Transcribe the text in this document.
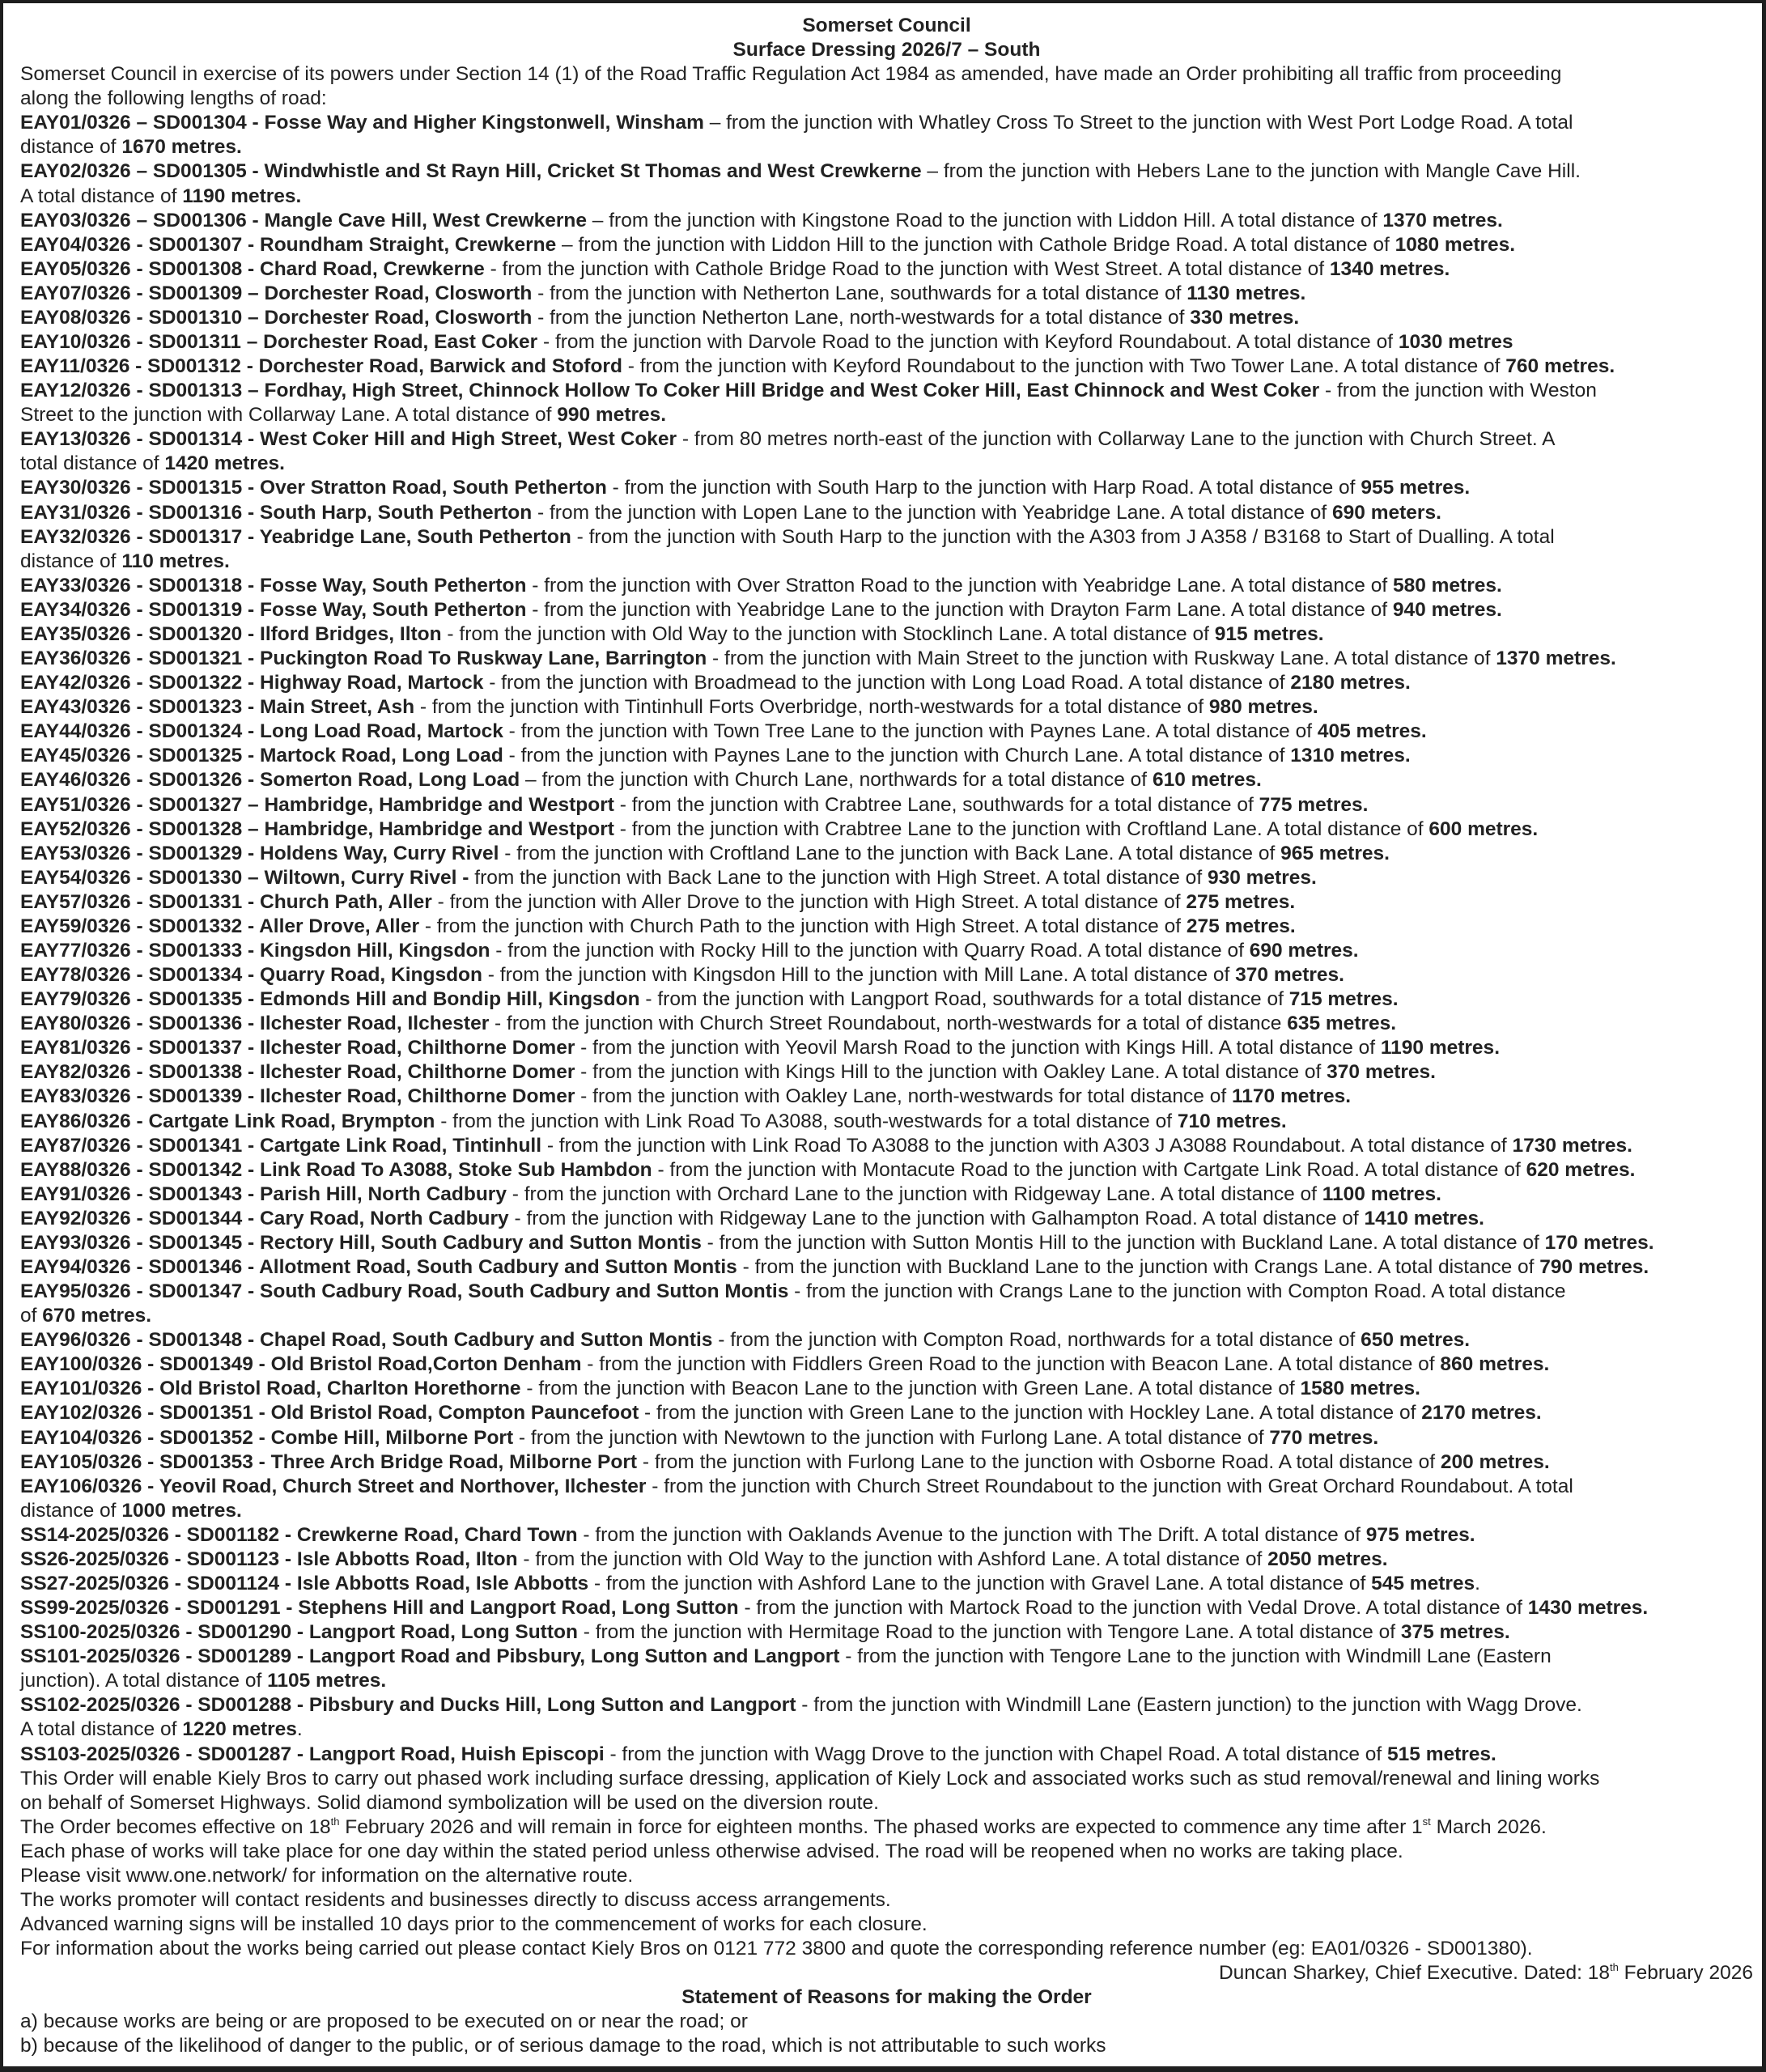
Somerset Council
Surface Dressing 2026/7 – South
Somerset Council in exercise of its powers under Section 14 (1) of the Road Traffic Regulation Act 1984 as amended, have made an Order prohibiting all traffic from proceeding
along the following lengths of road:
EAY01/0326 – SD001304 - Fosse Way and Higher Kingstonwell, Winsham – from the junction with Whatley Cross To Street to the junction with West Port Lodge Road. A total
distance of 1670 metres.
EAY02/0326 – SD001305 - Windwhistle and St Rayn Hill, Cricket St Thomas and West Crewkerne – from the junction with Hebers Lane to the junction with Mangle Cave Hill.
A total distance of 1190 metres.
EAY03/0326 – SD001306 - Mangle Cave Hill, West Crewkerne – from the junction with Kingstone Road to the junction with Liddon Hill. A total distance of 1370 metres.
EAY04/0326 - SD001307 - Roundham Straight, Crewkerne – from the junction with Liddon Hill to the junction with Cathole Bridge Road. A total distance of 1080 metres.
EAY05/0326 - SD001308 - Chard Road, Crewkerne - from the junction with Cathole Bridge Road to the junction with West Street. A total distance of 1340 metres.
EAY07/0326 - SD001309 – Dorchester Road, Closworth - from the junction with Netherton Lane, southwards for a total distance of 1130 metres.
EAY08/0326 - SD001310 – Dorchester Road, Closworth - from the junction Netherton Lane, north-westwards for a total distance of 330 metres.
EAY10/0326 - SD001311 – Dorchester Road, East Coker - from the junction with Darvole Road to the junction with Keyford Roundabout. A total distance of 1030 metres
EAY11/0326 - SD001312 - Dorchester Road, Barwick and Stoford - from the junction with Keyford Roundabout to the junction with Two Tower Lane. A total distance of 760 metres.
EAY12/0326 - SD001313 – Fordhay, High Street, Chinnock Hollow To Coker Hill Bridge and West Coker Hill, East Chinnock and West Coker - from the junction with Weston
Street to the junction with Collarway Lane. A total distance of 990 metres.
EAY13/0326 - SD001314 - West Coker Hill and High Street, West Coker - from 80 metres north-east of the junction with Collarway Lane to the junction with Church Street. A
total distance of 1420 metres.
EAY30/0326 - SD001315 - Over Stratton Road, South Petherton - from the junction with South Harp to the junction with Harp Road. A total distance of 955 metres.
EAY31/0326 - SD001316 - South Harp, South Petherton - from the junction with Lopen Lane to the junction with Yeabridge Lane. A total distance of 690 meters.
EAY32/0326 - SD001317 - Yeabridge Lane, South Petherton - from the junction with South Harp to the junction with the A303 from J A358 / B3168 to Start of Dualling. A total
distance of 110 metres.
EAY33/0326 - SD001318 - Fosse Way, South Petherton - from the junction with Over Stratton Road to the junction with Yeabridge Lane. A total distance of 580 metres.
EAY34/0326 - SD001319 - Fosse Way, South Petherton - from the junction with Yeabridge Lane to the junction with Drayton Farm Lane. A total distance of 940 metres.
EAY35/0326 - SD001320 - Ilford Bridges, Ilton - from the junction with Old Way to the junction with Stocklinch Lane. A total distance of 915 metres.
EAY36/0326 - SD001321 - Puckington Road To Ruskway Lane, Barrington - from the junction with Main Street to the junction with Ruskway Lane. A total distance of 1370 metres.
EAY42/0326 - SD001322 - Highway Road, Martock - from the junction with Broadmead to the junction with Long Load Road. A total distance of 2180 metres.
EAY43/0326 - SD001323 - Main Street, Ash - from the junction with Tintinhull Forts Overbridge, north-westwards for a total distance of 980 metres.
EAY44/0326 - SD001324 - Long Load Road, Martock - from the junction with Town Tree Lane to the junction with Paynes Lane. A total distance of 405 metres.
EAY45/0326 - SD001325 - Martock Road, Long Load - from the junction with Paynes Lane to the junction with Church Lane. A total distance of 1310 metres.
EAY46/0326 - SD001326 - Somerton Road, Long Load – from the junction with Church Lane, northwards for a total distance of 610 metres.
EAY51/0326 - SD001327 – Hambridge, Hambridge and Westport - from the junction with Crabtree Lane, southwards for a total distance of 775 metres.
EAY52/0326 - SD001328 – Hambridge, Hambridge and Westport - from the junction with Crabtree Lane to the junction with Croftland Lane. A total distance of 600 metres.
EAY53/0326 - SD001329 - Holdens Way, Curry Rivel - from the junction with Croftland Lane to the junction with Back Lane. A total distance of 965 metres.
EAY54/0326 - SD001330 – Wiltown, Curry Rivel - from the junction with Back Lane to the junction with High Street. A total distance of 930 metres.
EAY57/0326 - SD001331 - Church Path, Aller - from the junction with Aller Drove to the junction with High Street. A total distance of 275 metres.
EAY59/0326 - SD001332 - Aller Drove, Aller - from the junction with Church Path to the junction with High Street. A total distance of 275 metres.
EAY77/0326 - SD001333 - Kingsdon Hill, Kingsdon - from the junction with Rocky Hill to the junction with Quarry Road. A total distance of 690 metres.
EAY78/0326 - SD001334 - Quarry Road, Kingsdon - from the junction with Kingsdon Hill to the junction with Mill Lane. A total distance of 370 metres.
EAY79/0326 - SD001335 - Edmonds Hill and Bondip Hill, Kingsdon - from the junction with Langport Road, southwards for a total distance of 715 metres.
EAY80/0326 - SD001336 - Ilchester Road, Ilchester - from the junction with Church Street Roundabout, north-westwards for a total of distance 635 metres.
EAY81/0326 - SD001337 - Ilchester Road, Chilthorne Domer - from the junction with Yeovil Marsh Road to the junction with Kings Hill. A total distance of 1190 metres.
EAY82/0326 - SD001338 - Ilchester Road, Chilthorne Domer - from the junction with Kings Hill to the junction with Oakley Lane. A total distance of 370 metres.
EAY83/0326 - SD001339 - Ilchester Road, Chilthorne Domer - from the junction with Oakley Lane, north-westwards for total distance of 1170 metres.
EAY86/0326 - Cartgate Link Road, Brympton - from the junction with Link Road To A3088, south-westwards for a total distance of 710 metres.
EAY87/0326 - SD001341 - Cartgate Link Road, Tintinhull - from the junction with Link Road To A3088 to the junction with A303 J A3088 Roundabout. A total distance of 1730 metres.
EAY88/0326 - SD001342 - Link Road To A3088, Stoke Sub Hambdon - from the junction with Montacute Road to the junction with Cartgate Link Road. A total distance of 620 metres.
EAY91/0326 - SD001343 - Parish Hill, North Cadbury - from the junction with Orchard Lane to the junction with Ridgeway Lane. A total distance of 1100 metres.
EAY92/0326 - SD001344 - Cary Road, North Cadbury - from the junction with Ridgeway Lane to the junction with Galhampton Road. A total distance of 1410 metres.
EAY93/0326 - SD001345 - Rectory Hill, South Cadbury and Sutton Montis - from the junction with Sutton Montis Hill to the junction with Buckland Lane. A total distance of 170 metres.
EAY94/0326 - SD001346 - Allotment Road, South Cadbury and Sutton Montis - from the junction with Buckland Lane to the junction with Crangs Lane. A total distance of 790 metres.
EAY95/0326 - SD001347 - South Cadbury Road, South Cadbury and Sutton Montis - from the junction with Crangs Lane to the junction with Compton Road. A total distance
of 670 metres.
EAY96/0326 - SD001348 - Chapel Road, South Cadbury and Sutton Montis - from the junction with Compton Road, northwards for a total distance of 650 metres.
EAY100/0326 - SD001349 - Old Bristol Road,Corton Denham - from the junction with Fiddlers Green Road to the junction with Beacon Lane. A total distance of 860 metres.
EAY101/0326 - Old Bristol Road, Charlton Horethorne - from the junction with Beacon Lane to the junction with Green Lane. A total distance of 1580 metres.
EAY102/0326 - SD001351 - Old Bristol Road, Compton Pauncefoot - from the junction with Green Lane to the junction with Hockley Lane. A total distance of 2170 metres.
EAY104/0326 - SD001352 - Combe Hill, Milborne Port - from the junction with Newtown to the junction with Furlong Lane. A total distance of 770 metres.
EAY105/0326 - SD001353 - Three Arch Bridge Road, Milborne Port - from the junction with Furlong Lane to the junction with Osborne Road. A total distance of 200 metres.
EAY106/0326 - Yeovil Road, Church Street and Northover, Ilchester - from the junction with Church Street Roundabout to the junction with Great Orchard Roundabout. A total
distance of 1000 metres.
SS14-2025/0326 - SD001182 - Crewkerne Road, Chard Town - from the junction with Oaklands Avenue to the junction with The Drift. A total distance of 975 metres.
SS26-2025/0326 - SD001123 - Isle Abbotts Road, Ilton - from the junction with Old Way to the junction with Ashford Lane. A total distance of 2050 metres.
SS27-2025/0326 - SD001124 - Isle Abbotts Road, Isle Abbotts - from the junction with Ashford Lane to the junction with Gravel Lane. A total distance of 545 metres.
SS99-2025/0326 - SD001291 - Stephens Hill and Langport Road, Long Sutton - from the junction with Martock Road to the junction with Vedal Drove. A total distance of 1430 metres.
SS100-2025/0326 - SD001290 - Langport Road, Long Sutton - from the junction with Hermitage Road to the junction with Tengore Lane. A total distance of 375 metres.
SS101-2025/0326 - SD001289 - Langport Road and Pibsbury, Long Sutton and Langport - from the junction with Tengore Lane to the junction with Windmill Lane (Eastern
junction). A total distance of 1105 metres.
SS102-2025/0326 - SD001288 - Pibsbury and Ducks Hill, Long Sutton and Langport - from the junction with Windmill Lane (Eastern junction) to the junction with Wagg Drove.
A total distance of 1220 metres.
SS103-2025/0326 - SD001287 - Langport Road, Huish Episcopi - from the junction with Wagg Drove to the junction with Chapel Road. A total distance of 515 metres.
This Order will enable Kiely Bros to carry out phased work including surface dressing, application of Kiely Lock and associated works such as stud removal/renewal and lining works
on behalf of Somerset Highways. Solid diamond symbolization will be used on the diversion route.
The Order becomes effective on 18th February 2026 and will remain in force for eighteen months. The phased works are expected to commence any time after 1st March 2026.
Each phase of works will take place for one day within the stated period unless otherwise advised. The road will be reopened when no works are taking place.
Please visit www.one.network/ for information on the alternative route.
The works promoter will contact residents and businesses directly to discuss access arrangements.
Advanced warning signs will be installed 10 days prior to the commencement of works for each closure.
For information about the works being carried out please contact Kiely Bros on 0121 772 3800 and quote the corresponding reference number (eg: EA01/0326 - SD001380).
Duncan Sharkey, Chief Executive. Dated: 18th February 2026
Statement of Reasons for making the Order
a) because works are being or are proposed to be executed on or near the road; or
b) because of the likelihood of danger to the public, or of serious damage to the road, which is not attributable to such works
